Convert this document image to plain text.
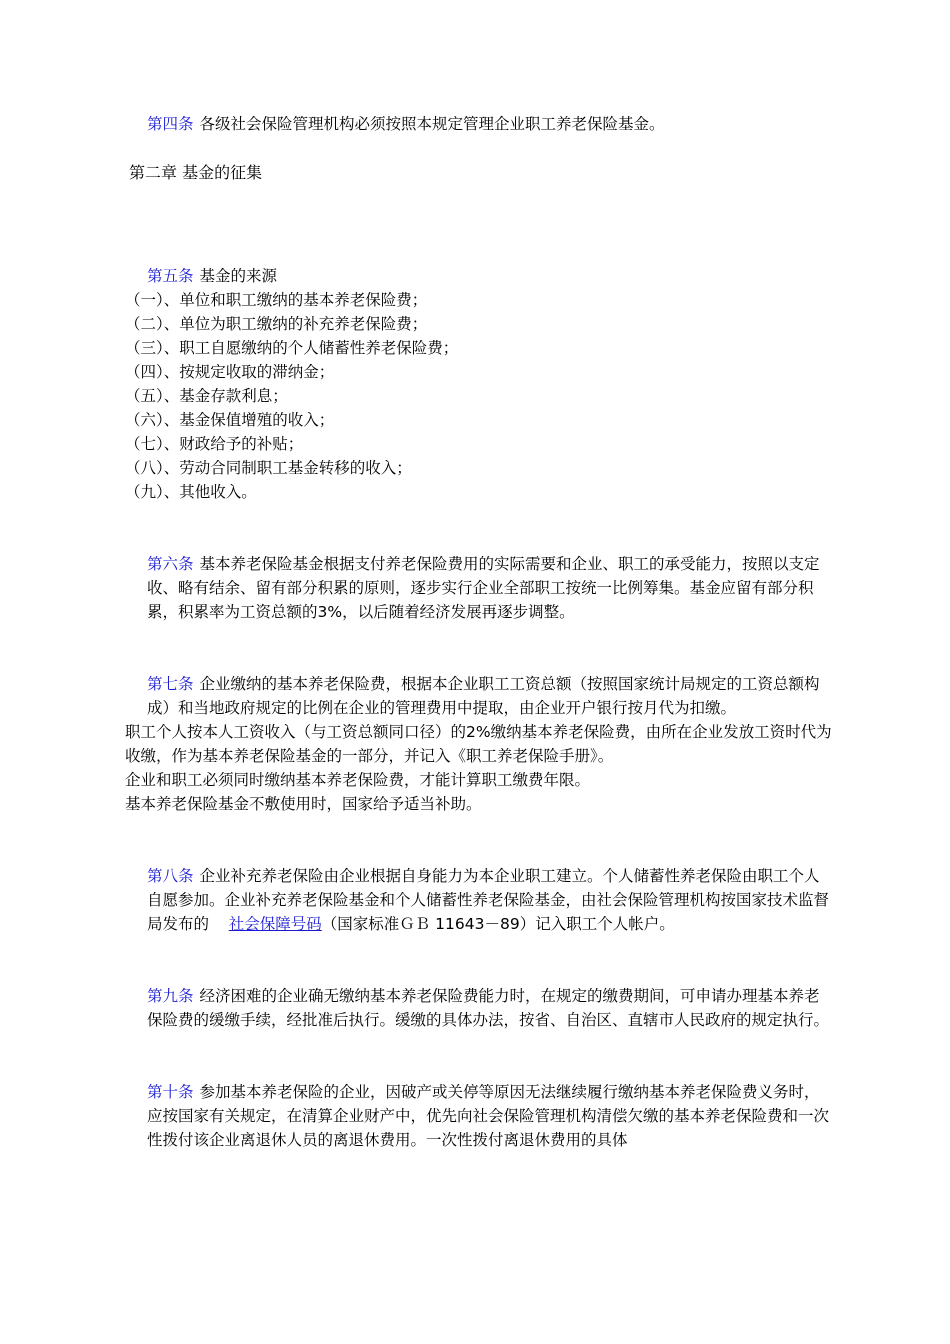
第二章 基金的征集

第四条 各级社会保险管理机构必须按照本规定管理企业职工养老保险基金。

第五条 基金的来源

（一）、单位和职工缴纳的基本养老保险费；

（二）、单位为职工缴纳的补充养老保险费；

（三）、职工自愿缴纳的个人储蓄性养老保险费；

（四）、按规定收取的滞纳金；

（五）、基金存款利息；

（六）、基金保值增殖的收入；

（七）、财政给予的补贴；

（八）、劳动合同制职工基金转移的收入；

（九）、其他收入。

第六条 基本养老保险基金根据支付养老保险费用的实际需要和企业、职工的承受能力，按照以支定收、略有结余、留有部分积累的原则，逐步实行企业全部职工按统一比例筹集。基金应留有部分积累，积累率为工资总额的3%，以后随着经济发展再逐步调整。

第七条 企业缴纳的基本养老保险费，根据本企业职工工资总额（按照国家统计局规定的工资总额构成）和当地政府规定的比例在企业的管理费用中提取，由企业开户银行按月代为扣缴。

职工个人按本人工资收入（与工资总额同口径）的2%缴纳基本养老保险费，由所在企业发放工资时代为收缴，作为基本养老保险基金的一部分，并记入《职工养老保险手册》。

企业和职工必须同时缴纳基本养老保险费，才能计算职工缴费年限。

基本养老保险基金不敷使用时，国家给予适当补助。

第八条 企业补充养老保险由企业根据自身能力为本企业职工建立。个人储蓄性养老保险由职工个人自愿参加。企业补充养老保险基金和个人储蓄性养老保险基金，由社会保险管理机构按国家技术监督局发布的 社会保障号码（国家标准ＧＢ 11643－89）记入职工个人帐户。

第九条 经济困难的企业确无缴纳基本养老保险费能力时，在规定的缴费期间，可申请办理基本养老保险费的缓缴手续，经批准后执行。缓缴的具体办法，按省、自治区、直辖市人民政府的规定执行。

第十条 参加基本养老保险的企业，因破产或关停等原因无法继续履行缴纳基本养老保险费义务时，应按国家有关规定，在清算企业财产中，优先向社会保险管理机构清偿欠缴的基本养老保险费和一次性拨付该企业离退休人员的离退休费用。一次性拨付离退休费用的具体
